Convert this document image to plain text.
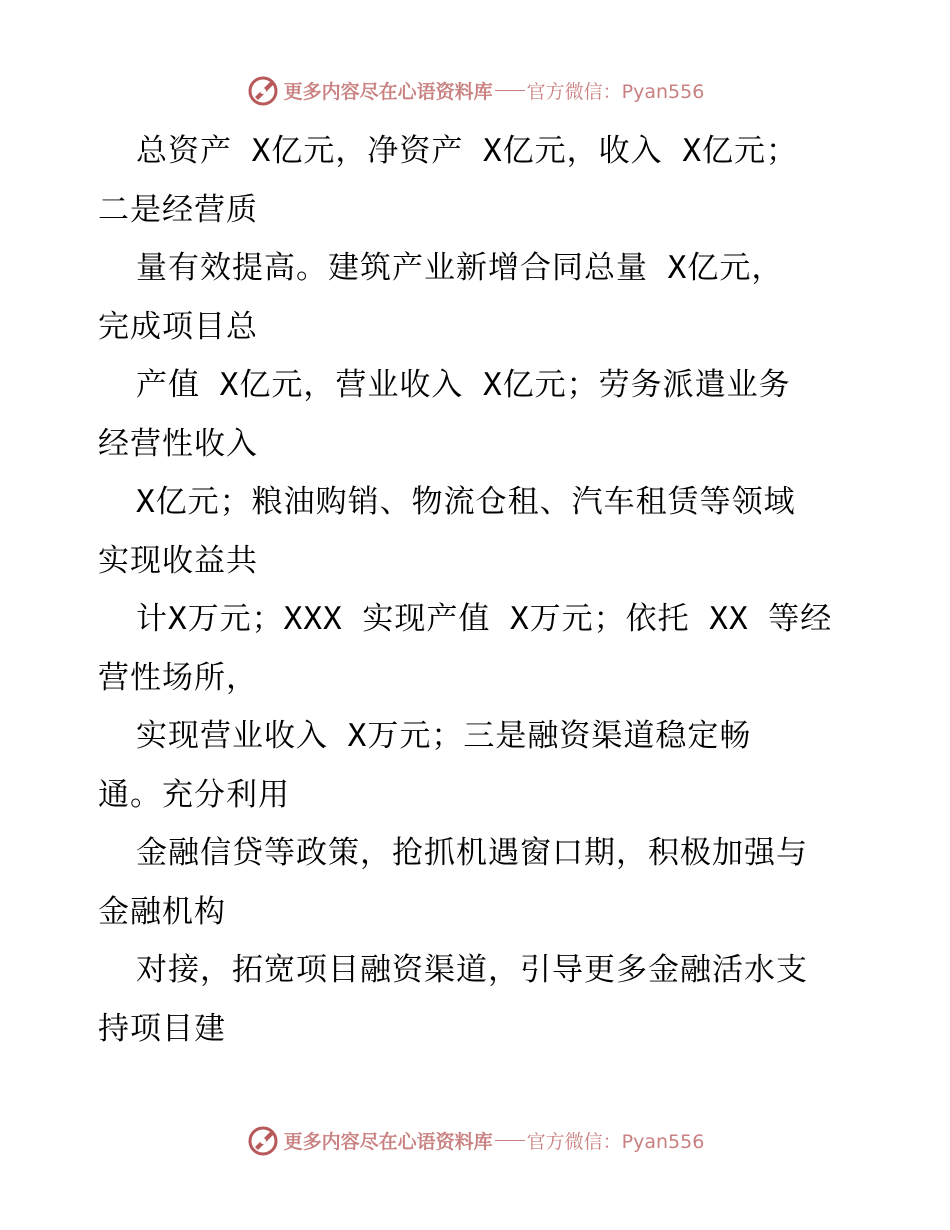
更多内容尽在心语资料库 官方微信：Pyan556
总资产 X亿元，净资产 X亿元，收入 X亿元；
二是经营质
量有效提高。建筑产业新增合同总量 X亿元，
完成项目总
产值 X亿元，营业收入 X亿元；劳务派遣业务
经营性收入
X亿元；粮油购销、物流仓租、汽车租赁等领域
实现收益共
计X万元；XXX 实现产值 X万元；依托 XX 等经
营性场所，
实现营业收入 X万元；三是融资渠道稳定畅
通。充分利用
金融信贷等政策，抢抓机遇窗口期，积极加强与
金融机构
对接，拓宽项目融资渠道，引导更多金融活水支
持项目建
更多内容尽在心语资料库 官方微信：Pyan556
